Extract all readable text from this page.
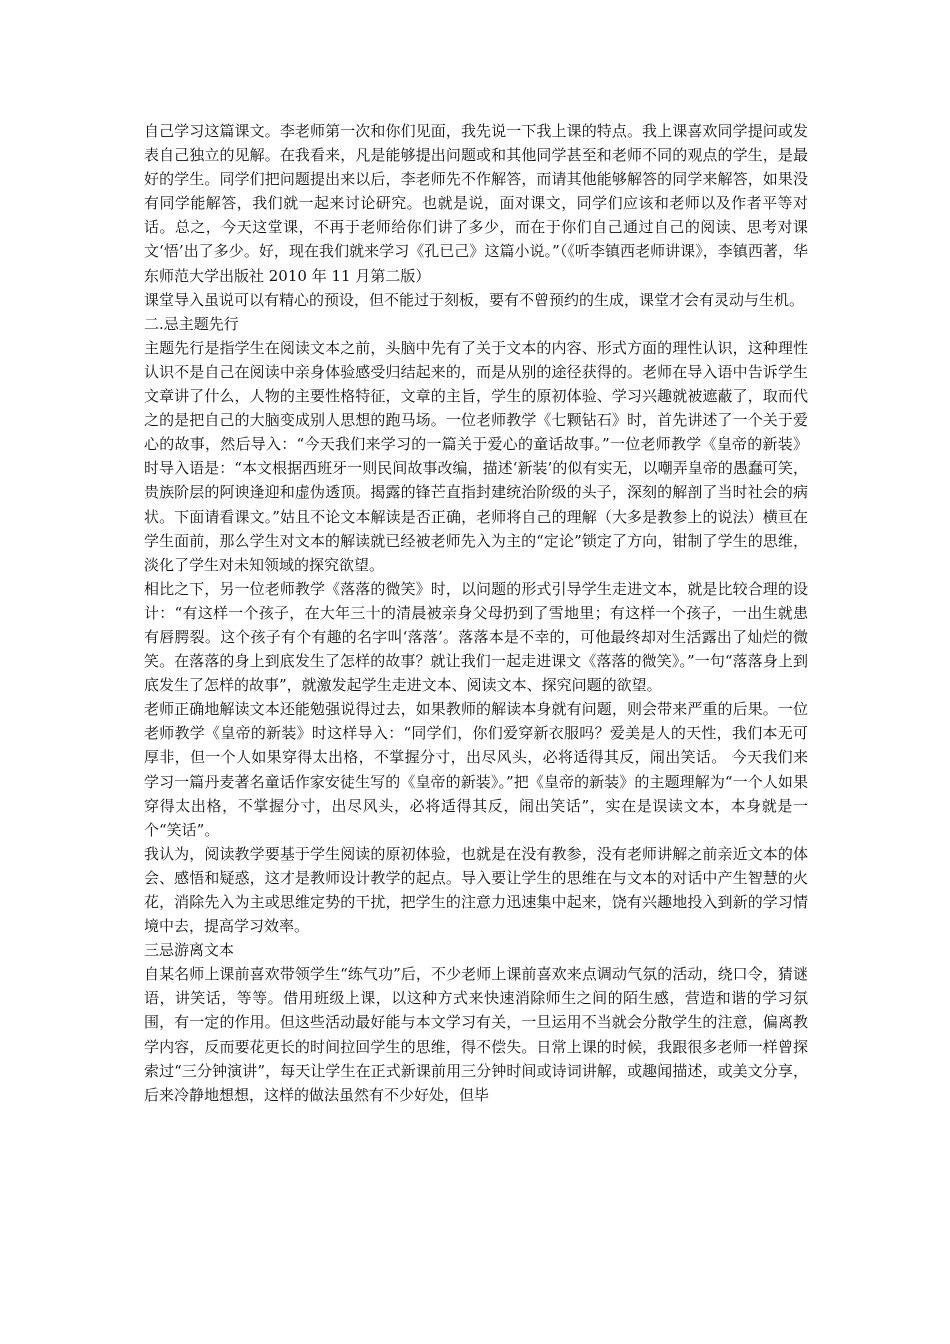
自己学习这篇课文。李老师第一次和你们见面，我先说一下我上课的特点。我上课喜欢同学提问或发表自己独立的见解。在我看来，凡是能够提出问题或和其他同学甚至和老师不同的观点的学生，是最好的学生。同学们把问题提出来以后，李老师先不作解答，而请其他能够解答的同学来解答，如果没有同学能解答，我们就一起来讨论研究。也就是说，面对课文，同学们应该和老师以及作者平等对话。总之，今天这堂课，不再于老师给你们讲了多少，而在于你们自己通过自己的阅读、思考对课文‘悟’出了多少。好，现在我们就来学习《孔已己》这篇小说。”（《听李镇西老师讲课》，李镇西著，华东师范大学出版社 2010 年 11 月第二版）

课堂导入虽说可以有精心的预设，但不能过于刻板，要有不曾预约的生成，课堂才会有灵动与生机。

二.忌主题先行

主题先行是指学生在阅读文本之前，头脑中先有了关于文本的内容、形式方面的理性认识，这种理性认识不是自己在阅读中亲身体验感受归结起来的，而是从别的途径获得的。老师在导入语中告诉学生文章讲了什么，人物的主要性格特征，文章的主旨，学生的原初体验、学习兴趣就被遮蔽了，取而代之的是把自己的大脑变成别人思想的跑马场。一位老师教学《七颗钻石》时，首先讲述了一个关于爱心的故事，然后导入：“今天我们来学习的一篇关于爱心的童话故事。”一位老师教学《皇帝的新装》时导入语是：“本文根据西班牙一则民间故事改编，描述‘新装’的似有实无，以嘲弄皇帝的愚蠢可笑，贵族阶层的阿谀逢迎和虚伪透顶。揭露的锋芒直指封建统治阶级的头子，深刻的解剖了当时社会的病状。下面请看课文。”姑且不论文本解读是否正确，老师将自己的理解（大多是教参上的说法）横亘在学生面前，那么学生对文本的解读就已经被老师先入为主的“定论”锁定了方向，钳制了学生的思维，淡化了学生对未知领域的探究欲望。

相比之下，另一位老师教学《落落的微笑》时，以问题的形式引导学生走进文本，就是比较合理的设计：“有这样一个孩子，在大年三十的清晨被亲身父母扔到了雪地里；有这样一个孩子，一出生就患有唇腭裂。这个孩子有个有趣的名字叫‘落落’。落落本是不幸的，可他最终却对生活露出了灿烂的微笑。在落落的身上到底发生了怎样的故事？就让我们一起走进课文《落落的微笑》。”一句“落落身上到底发生了怎样的故事”，就激发起学生走进文本、阅读文本、探究问题的欲望。

老师正确地解读文本还能勉强说得过去，如果教师的解读本身就有问题，则会带来严重的后果。一位老师教学《皇帝的新装》时这样导入：“同学们，你们爱穿新衣服吗？爱美是人的天性，我们本无可厚非，但一个人如果穿得太出格，不掌握分寸，出尽风头，必将适得其反，闹出笑话。 今天我们来学习一篇丹麦著名童话作家安徒生写的《皇帝的新装》。”把《皇帝的新装》的主题理解为“一个人如果穿得太出格，不掌握分寸，出尽风头，必将适得其反，闹出笑话”，实在是误读文本，本身就是一个“笑话”。

我认为，阅读教学要基于学生阅读的原初体验，也就是在没有教参，没有老师讲解之前亲近文本的体会、感悟和疑惑，这才是教师设计教学的起点。导入要让学生的思维在与文本的对话中产生智慧的火花，消除先入为主或思维定势的干扰，把学生的注意力迅速集中起来，饶有兴趣地投入到新的学习情境中去，提高学习效率。

三忌游离文本

自某名师上课前喜欢带领学生“练气功”后，不少老师上课前喜欢来点调动气氛的活动，绕口令，猜谜语，讲笑话，等等。借用班级上课，以这种方式来快速消除师生之间的陌生感，营造和谐的学习氛围，有一定的作用。但这些活动最好能与本文学习有关，一旦运用不当就会分散学生的注意，偏离教学内容，反而要花更长的时间拉回学生的思维，得不偿失。日常上课的时候，我跟很多老师一样曾探索过“三分钟演讲”，每天让学生在正式新课前用三分钟时间或诗词讲解，或趣闻描述，或美文分享，后来冷静地想想，这样的做法虽然有不少好处，但毕
